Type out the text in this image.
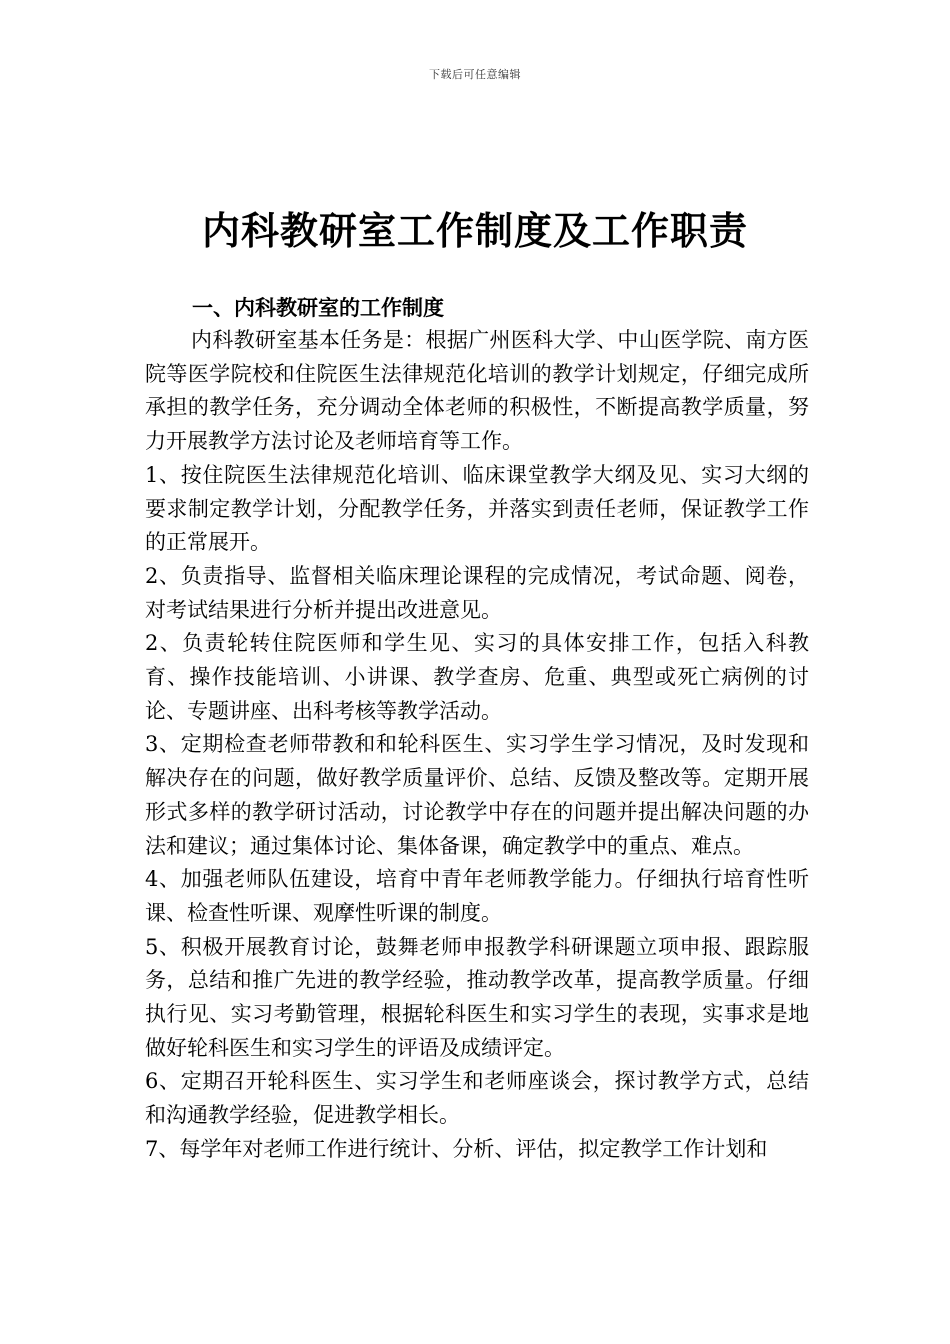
下载后可任意编辑
内科教研室工作制度及工作职责
一、内科教研室的工作制度

内科教研室基本任务是：根据广州医科大学、中山医学院、南方医院等医学院校和住院医生法律规范化培训的教学计划规定，仔细完成所承担的教学任务，充分调动全体老师的积极性，不断提高教学质量，努力开展教学方法讨论及老师培育等工作。

1、按住院医生法律规范化培训、临床课堂教学大纲及见、实习大纲的要求制定教学计划，分配教学任务，并落实到责任老师，保证教学工作的正常展开。

2、负责指导、监督相关临床理论课程的完成情况，考试命题、阅卷，对考试结果进行分析并提出改进意见。

2、负责轮转住院医师和学生见、实习的具体安排工作，包括入科教育、操作技能培训、小讲课、教学查房、危重、典型或死亡病例的讨论、专题讲座、出科考核等教学活动。

3、定期检查老师带教和和轮科医生、实习学生学习情况，及时发现和解决存在的问题，做好教学质量评价、总结、反馈及整改等。定期开展形式多样的教学研讨活动，讨论教学中存在的问题并提出解决问题的办法和建议；通过集体讨论、集体备课，确定教学中的重点、难点。

4、加强老师队伍建设，培育中青年老师教学能力。仔细执行培育性听课、检查性听课、观摩性听课的制度。

5、积极开展教育讨论，鼓舞老师申报教学科研课题立项申报、跟踪服务，总结和推广先进的教学经验，推动教学改革，提高教学质量。仔细执行见、实习考勤管理，根据轮科医生和实习学生的表现，实事求是地做好轮科医生和实习学生的评语及成绩评定。

6、定期召开轮科医生、实习学生和老师座谈会，探讨教学方式，总结和沟通教学经验，促进教学相长。

7、每学年对老师工作进行统计、分析、评估，拟定教学工作计划和
